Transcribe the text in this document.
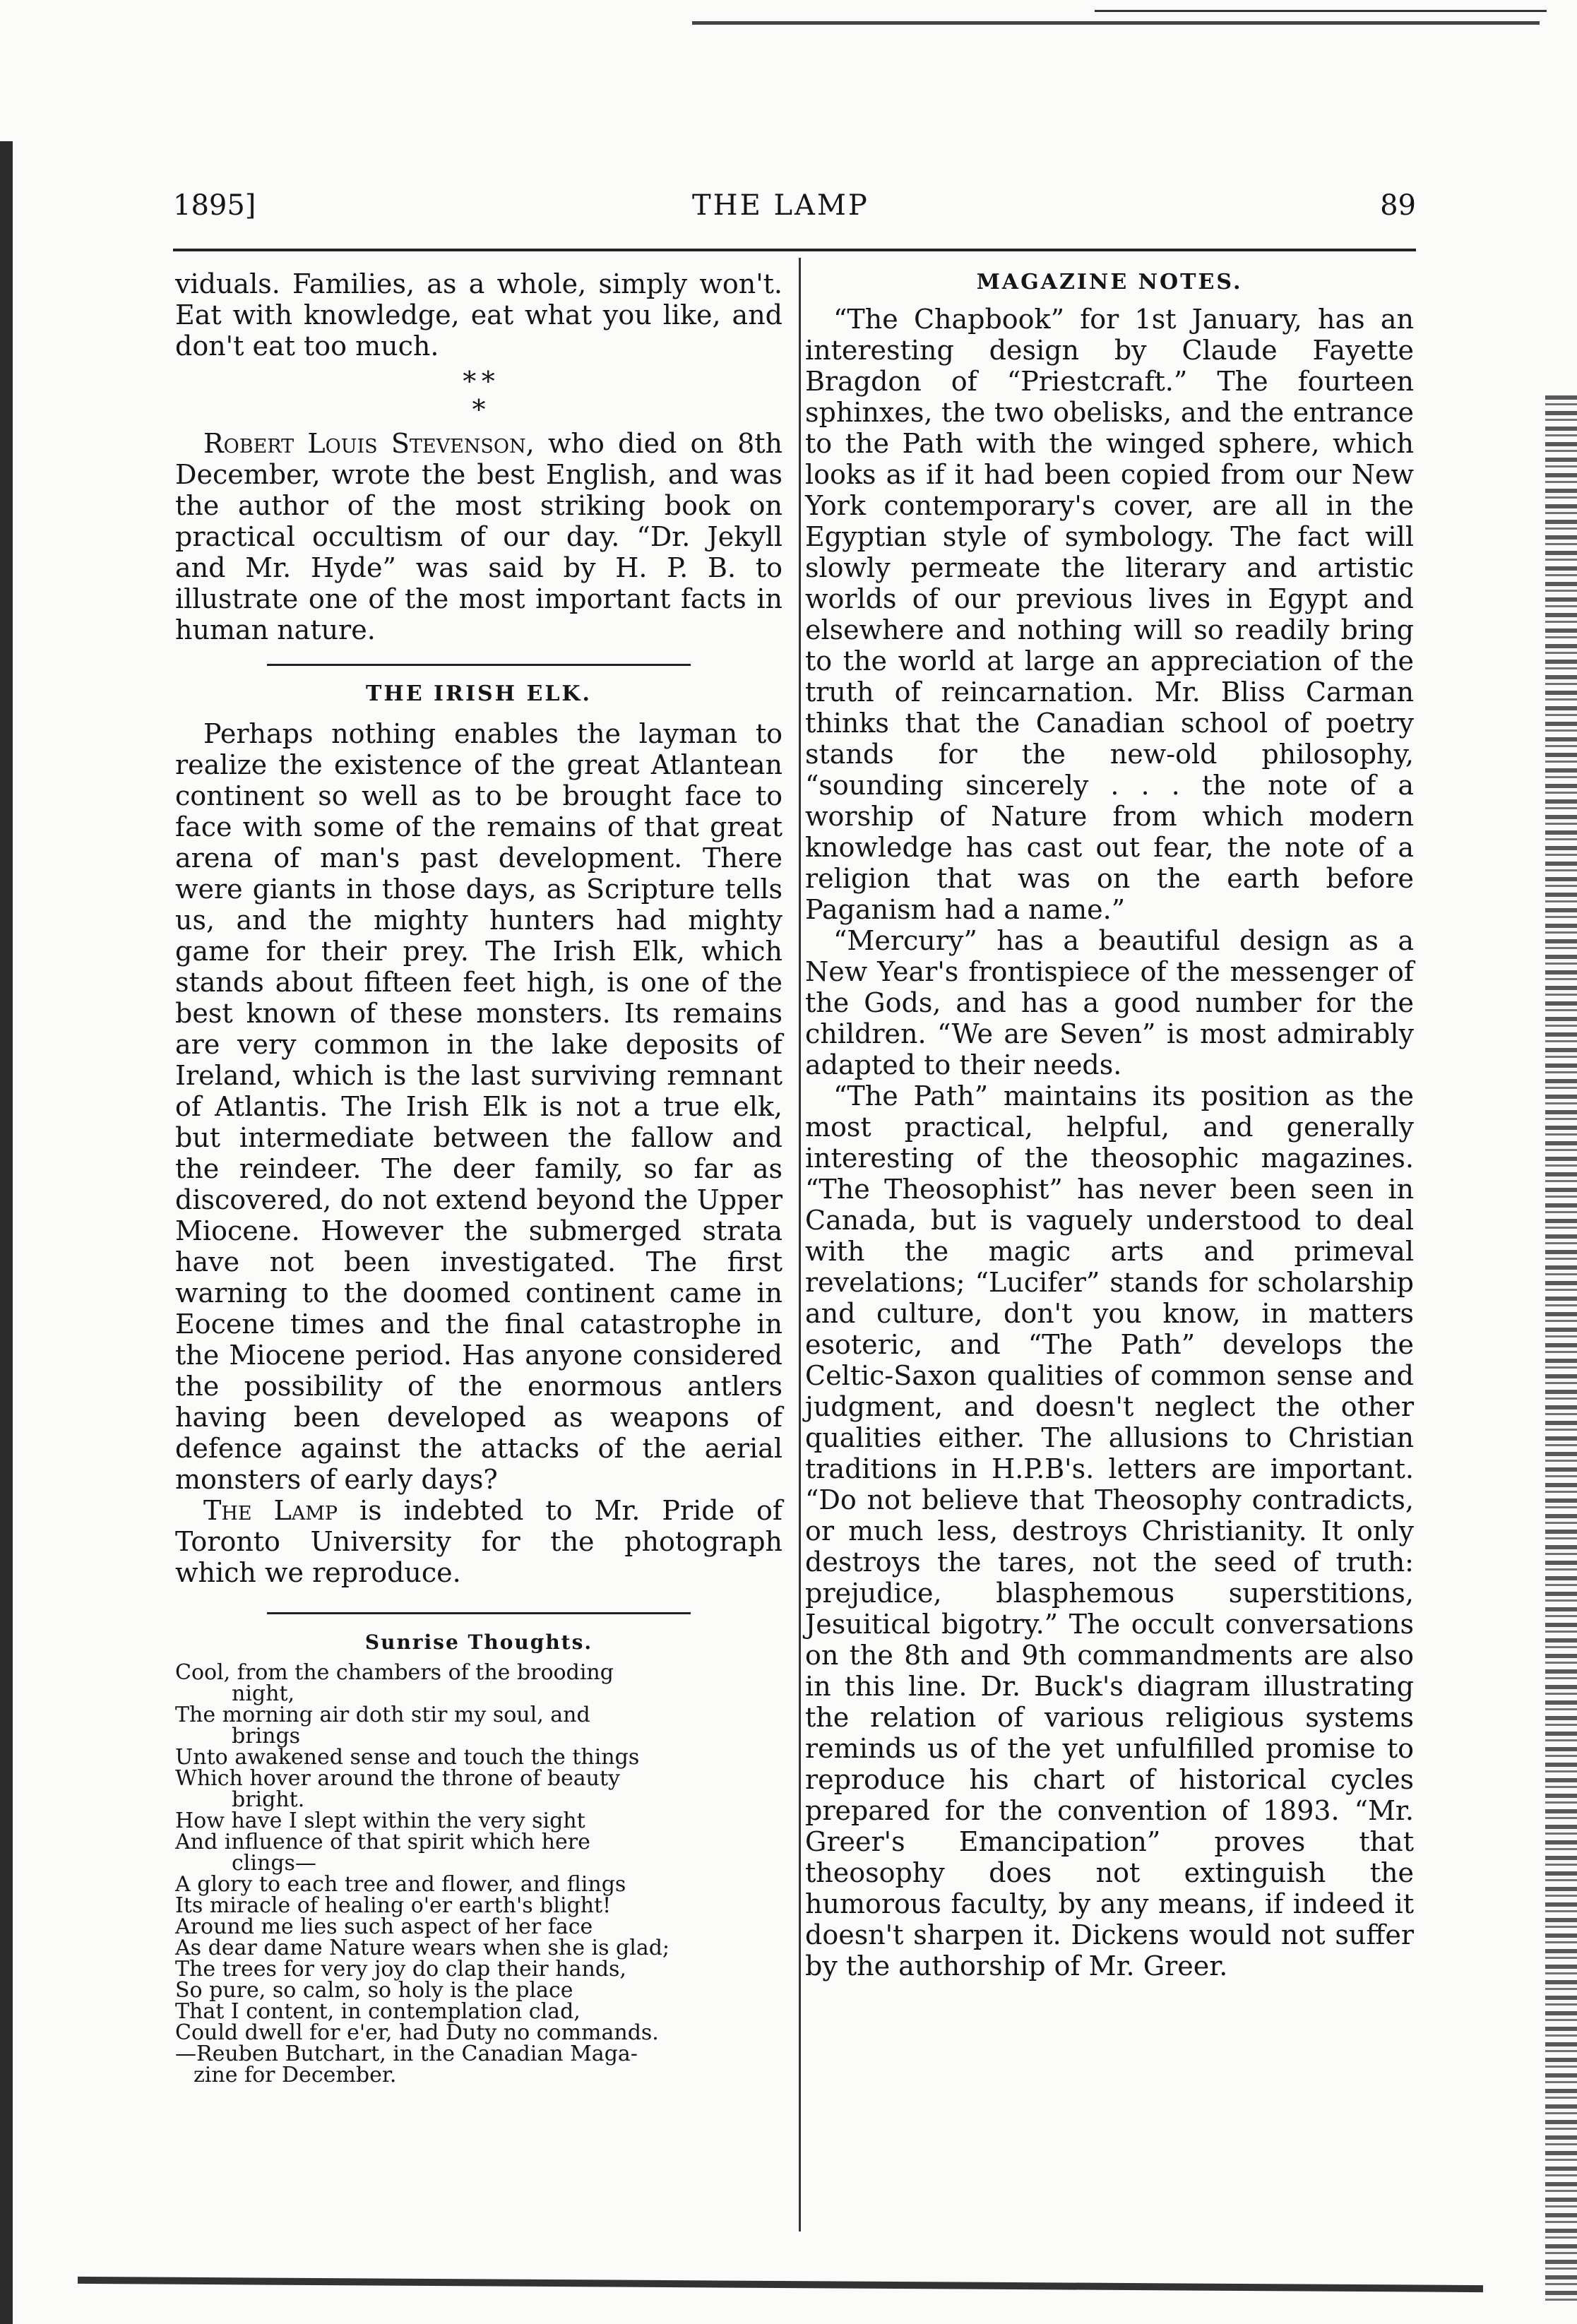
1895]	THE LAMP	89

viduals. Families, as a whole, simply won't. Eat with knowledge, eat what you like, and don't eat too much.

* *
*

Robert Louis Stevenson, who died on 8th December, wrote the best English, and was the author of the most striking book on practical occultism of our day. “Dr. Jekyll and Mr. Hyde” was said by H. P. B. to illustrate one of the most important facts in human nature.

THE IRISH ELK.

Perhaps nothing enables the layman to realize the existence of the great Atlantean continent so well as to be brought face to face with some of the remains of that great arena of man's past development. There were giants in those days, as Scripture tells us, and the mighty hunters had mighty game for their prey. The Irish Elk, which stands about fifteen feet high, is one of the best known of these monsters. Its remains are very common in the lake deposits of Ireland, which is the last surviving remnant of Atlantis. The Irish Elk is not a true elk, but intermediate between the fallow and the reindeer. The deer family, so far as discovered, do not extend beyond the Upper Miocene. However the submerged strata have not been investigated. The first warning to the doomed continent came in Eocene times and the final catastrophe in the Miocene period. Has anyone considered the possibility of the enormous antlers having been developed as weapons of defence against the attacks of the aerial monsters of early days?

The Lamp is indebted to Mr. Pride of Toronto University for the photograph which we reproduce.

Sunrise Thoughts.
Cool, from the chambers of the brooding
night,
The morning air doth stir my soul, and
brings
Unto awakened sense and touch the things
Which hover around the throne of beauty
bright.
How have I slept within the very sight
And influence of that spirit which here
clings—
A glory to each tree and flower, and flings
Its miracle of healing o'er earth's blight!
Around me lies such aspect of her face
As dear dame Nature wears when she is glad;
The trees for very joy do clap their hands,
So pure, so calm, so holy is the place
That I content, in contemplation clad,
Could dwell for e'er, had Duty no commands.
—Reuben Butchart, in the Canadian Maga-
zine for December.
MAGAZINE NOTES.

“The Chapbook” for 1st January, has an interesting design by Claude Fayette Bragdon of “Priestcraft.” The fourteen sphinxes, the two obelisks, and the entrance to the Path with the winged sphere, which looks as if it had been copied from our New York contemporary's cover, are all in the Egyptian style of symbology. The fact will slowly permeate the literary and artistic worlds of our previous lives in Egypt and elsewhere and nothing will so readily bring to the world at large an appreciation of the truth of reincarnation. Mr. Bliss Carman thinks that the Canadian school of poetry stands for the new-old philosophy, “sounding sincerely . . . the note of a worship of Nature from which modern knowledge has cast out fear, the note of a religion that was on the earth before Paganism had a name.”

“Mercury” has a beautiful design as a New Year's frontispiece of the messenger of the Gods, and has a good number for the children. “We are Seven” is most admirably adapted to their needs.

“The Path” maintains its position as the most practical, helpful, and generally interesting of the theosophic magazines. “The Theosophist” has never been seen in Canada, but is vaguely understood to deal with the magic arts and primeval revelations; “Lucifer” stands for scholarship and culture, don't you know, in matters esoteric, and “The Path” develops the Celtic-Saxon qualities of common sense and judgment, and doesn't neglect the other qualities either. The allusions to Christian traditions in H.P.B's. letters are important. “Do not believe that Theosophy contradicts, or much less, destroys Christianity. It only destroys the tares, not the seed of truth: prejudice, blasphemous superstitions, Jesuitical bigotry.” The occult conversations on the 8th and 9th commandments are also in this line. Dr. Buck's diagram illustrating the relation of various religious systems reminds us of the yet unfulfilled promise to reproduce his chart of historical cycles prepared for the convention of 1893. “Mr. Greer's Emancipation” proves that theosophy does not extinguish the humorous faculty, by any means, if indeed it doesn't sharpen it. Dickens would not suffer by the authorship of Mr. Greer.
